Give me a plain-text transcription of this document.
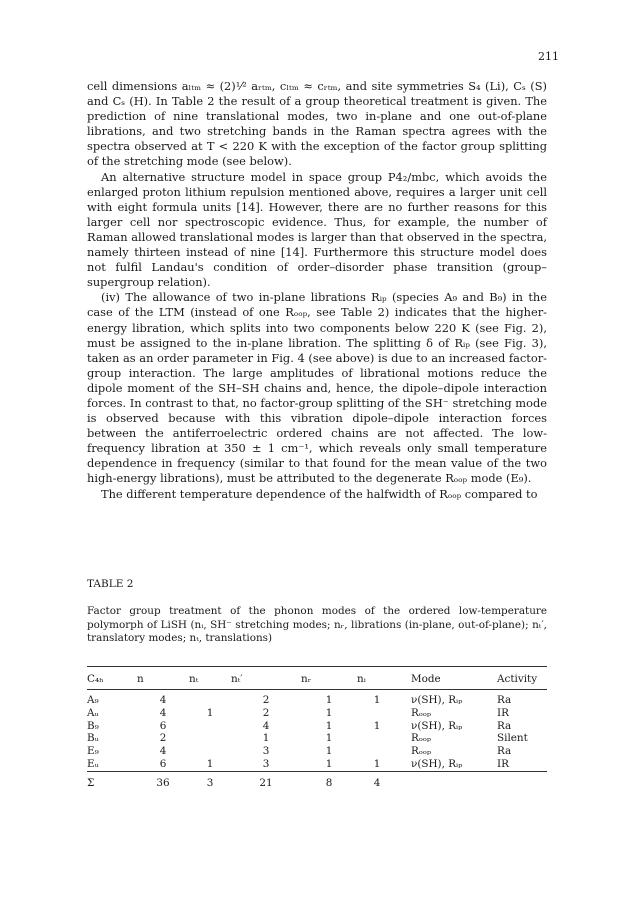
211

cell dimensions aₗₜₘ ≈ (2)¹⁄² aᵣₜₘ, cₗₜₘ ≈ cᵣₜₘ, and site symmetries S₄ (Li), Cₛ (S) and Cₛ (H). In Table 2 the result of a group theoretical treatment is given. The prediction of nine translational modes, two in-plane and one out-of-plane librations, and two stretching bands in the Raman spectra agrees with the spectra observed at T < 220 K with the exception of the factor group splitting of the stretching mode (see below).

An alternative structure model in space group P4₂/mbc, which avoids the enlarged proton lithium repulsion mentioned above, requires a larger unit cell with eight formula units [14]. However, there are no further reasons for this larger cell nor spectroscopic evidence. Thus, for example, the number of Raman allowed translational modes is larger than that observed in the spectra, namely thirteen instead of nine [14]. Furthermore this structure model does not fulfil Landau's condition of order–disorder phase transition (group–supergroup relation).

(iv) The allowance of two in-plane librations Rᵢₚ (species A₉ and B₉) in the case of the LTM (instead of one Rₒₒₚ, see Table 2) indicates that the higher-energy libration, which splits into two components below 220 K (see Fig. 2), must be assigned to the in-plane libration. The splitting δ of Rᵢₚ (see Fig. 3), taken as an order parameter in Fig. 4 (see above) is due to an increased factor-group interaction. The large amplitudes of librational motions reduce the dipole moment of the SH–SH chains and, hence, the dipole–dipole interaction forces. In contrast to that, no factor-group splitting of the SH⁻ stretching mode is observed because with this vibration dipole–dipole interaction forces between the antiferroelectric ordered chains are not affected. The low-frequency libration at 350 ± 1 cm⁻¹, which reveals only small temperature dependence in frequency (similar to that found for the mean value of the two high-energy librations), must be attributed to the degenerate Rₒₒₚ mode (E₉).

The different temperature dependence of the halfwidth of Rₒₒₚ compared to

TABLE 2
Factor group treatment of the phonon modes of the ordered low-temperature polymorph of LiSH (nᵢ, SH⁻ stretching modes; nᵣ, librations (in-plane, out-of-plane); nₜ′, translatory modes; nₜ, translations)
C₄ₕ	n	nₜ	nₜ′	nᵣ	nᵢ	Mode	Activity
A₉	4		2	1	1	ν(SH), Rᵢₚ	Ra
Aᵤ	4	1	2	1		Rₒₒₚ	IR
B₉	6		4	1	1	ν(SH), Rᵢₚ	Ra
Bᵤ	2		1	1		Rₒₒₚ	Silent
E₉	4		3	1		Rₒₒₚ	Ra
Eᵤ	6	1	3	1	1	ν(SH), Rᵢₚ	IR
Σ	36	3	21	8	4		
